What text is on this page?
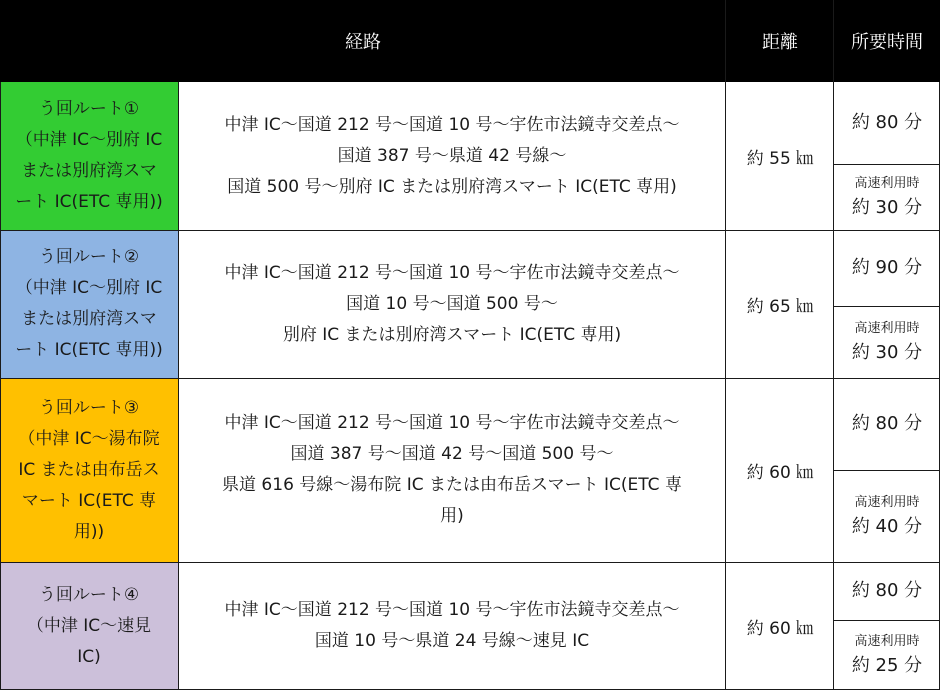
経路	距離	所要時間
う回ルート①
（中津 IC～別府 IC
または別府湾スマ
ート IC(ETC 専用))
中津 IC～国道 212 号～国道 10 号～宇佐市法鏡寺交差点～
国道 387 号～県道 42 号線～
国道 500 号～別府 IC または別府湾スマート IC(ETC 専用)
約 55 ㎞
約 80 分
高速利用時
約 30 分
う回ルート②
（中津 IC～別府 IC
または別府湾スマ
ート IC(ETC 専用))
中津 IC～国道 212 号～国道 10 号～宇佐市法鏡寺交差点～
国道 10 号～国道 500 号～
別府 IC または別府湾スマート IC(ETC 専用)
約 65 ㎞
約 90 分
高速利用時
約 30 分
う回ルート③
（中津 IC～湯布院
IC または由布岳ス
マート IC(ETC 専
用))
中津 IC～国道 212 号～国道 10 号～宇佐市法鏡寺交差点～
国道 387 号～国道 42 号～国道 500 号～
県道 616 号線～湯布院 IC または由布岳スマート IC(ETC 専
用)
約 60 ㎞
約 80 分
高速利用時
約 40 分
う回ルート④
（中津 IC～速見
IC)
中津 IC～国道 212 号～国道 10 号～宇佐市法鏡寺交差点～
国道 10 号～県道 24 号線～速見 IC
約 60 ㎞
約 80 分
高速利用時
約 25 分
